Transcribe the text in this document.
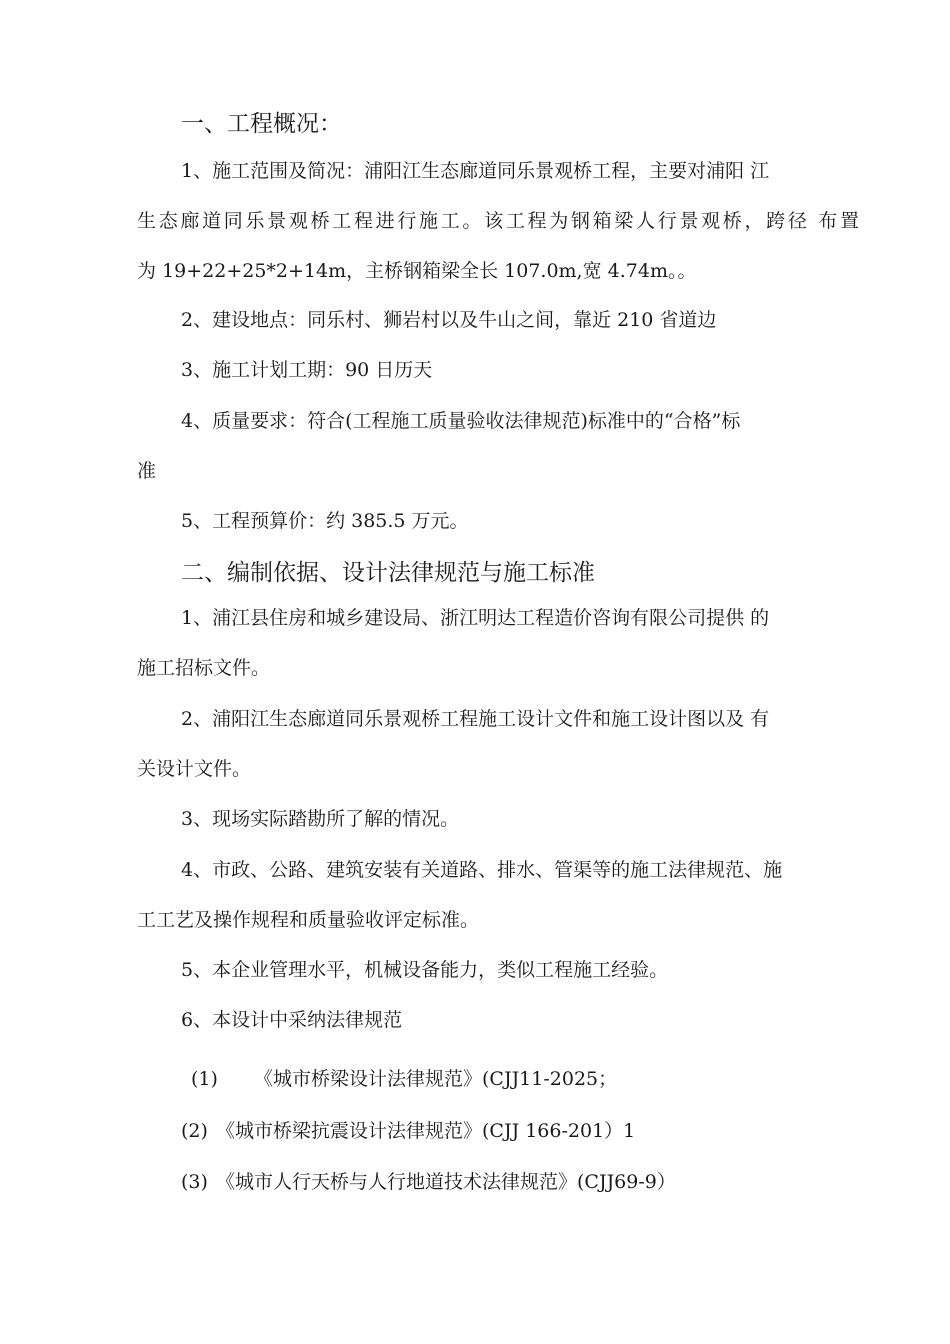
一、工程概况：
1、施工范围及简况：浦阳江生态廊道同乐景观桥工程，主要对浦阳 江
生态廊道同乐景观桥工程进行施工。该工程为钢箱梁人行景观桥，跨径 布置
为 19+22+25*2+14m，主桥钢箱梁全长 107.0m,宽 4.74m。。
2、建设地点：同乐村、狮岩村以及牛山之间，靠近 210 省道边
3、施工计划工期：90 日历天
4、质量要求：符合(工程施工质量验收法律规范)标准中的“合格”标
准
5、工程预算价：约 385.5 万元。
二、编制依据、设计法律规范与施工标准
1、浦江县住房和城乡建设局、浙江明达工程造价咨询有限公司提供 的
施工招标文件。
2、浦阳江生态廊道同乐景观桥工程施工设计文件和施工设计图以及 有
关设计文件。
3、现场实际踏勘所了解的情况。
4、市政、公路、建筑安装有关道路、排水、管渠等的施工法律规范、施
工工艺及操作规程和质量验收评定标准。
5、本企业管理水平，机械设备能力，类似工程施工经验。
6、本设计中采纳法律规范
(1) 《城市桥梁设计法律规范》(CJJ11-2025；
(2) 《城市桥梁抗震设计法律规范》(CJJ 166-201）1
(3) 《城市人行天桥与人行地道技术法律规范》(CJJ69-9）
